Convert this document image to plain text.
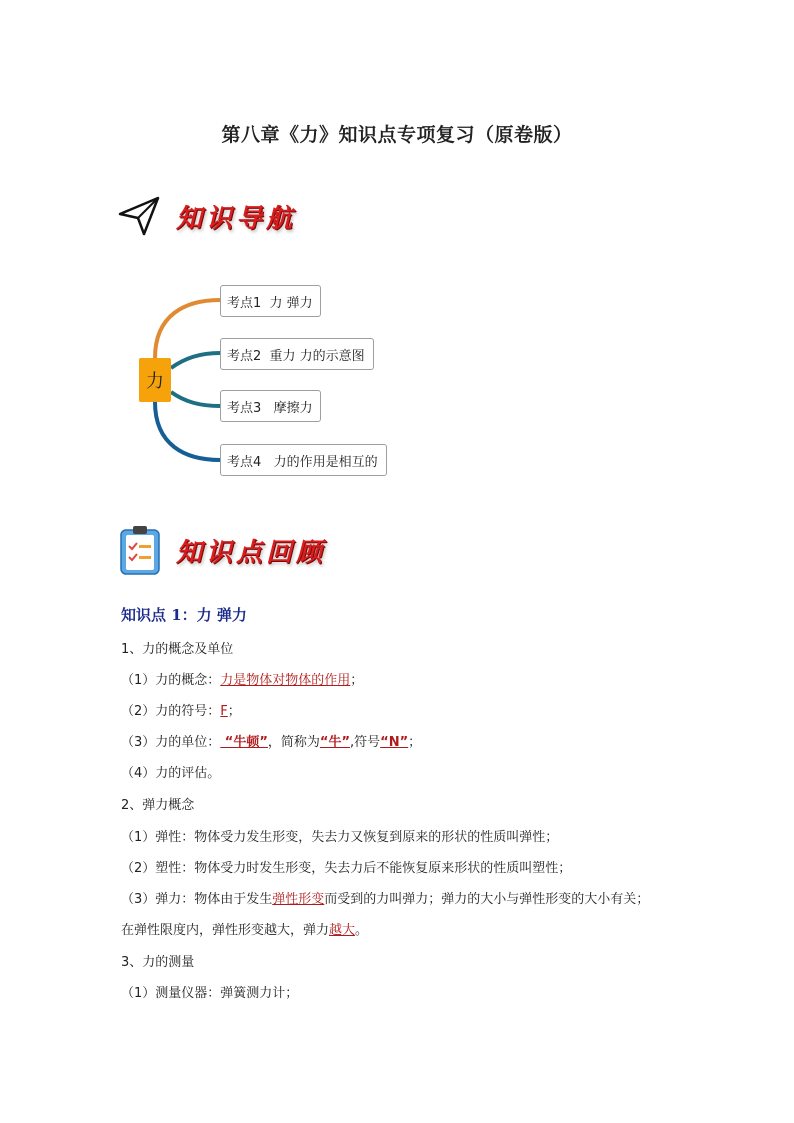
第八章《力》知识点专项复习（原卷版）
知识导航
力
考点1  力 弹力
考点2  重力 力的示意图
考点3   摩擦力
考点4   力的作用是相互的
知识点回顾
知识点 1：力 弹力
1、力的概念及单位
（1）力的概念：力是物体对物体的作用；
（2）力的符号：F；
（3）力的单位： “牛顿”，简称为“牛”,符号“N”；
（4）力的评估。
2、弹力概念
（1）弹性：物体受力发生形变，失去力又恢复到原来的形状的性质叫弹性；
（2）塑性：物体受力时发生形变，失去力后不能恢复原来形状的性质叫塑性；
（3）弹力：物体由于发生弹性形变而受到的力叫弹力；弹力的大小与弹性形变的大小有关；
在弹性限度内，弹性形变越大，弹力越大。
3、力的测量
（1）测量仪器：弹簧测力计；
